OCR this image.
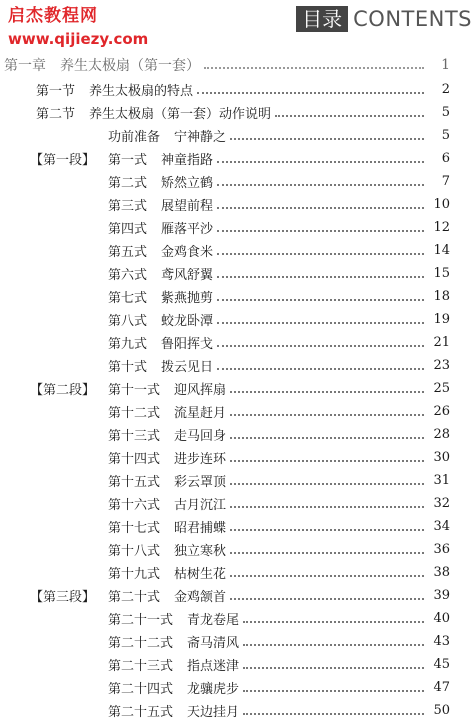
启杰教程网
www.qijiezy.com
目录 CONTENTS
第一章 养生太极扇（第一套）	1
第一节 养生太极扇的特点	2
第二节 养生太极扇（第一套）动作说明	5
功前准备 宁神静之	5
【第一段】 第一式 神童指路	6
第二式 矫然立鹤	7
第三式 展望前程	10
第四式 雁落平沙	12
第五式 金鸡食米	14
第六式 鸢风舒翼	15
第七式 紫燕抛剪	18
第八式 蛟龙卧潭	19
第九式 鲁阳挥戈	21
第十式 拨云见日	23
【第二段】 第十一式 迎风挥扇	25
第十二式 流星赶月	26
第十三式 走马回身	28
第十四式 进步连环	30
第十五式 彩云罩顶	31
第十六式 古月沉江	32
第十七式 昭君捕蝶	34
第十八式 独立寒秋	36
第十九式 枯树生花	38
【第三段】 第二十式 金鸡颔首	39
第二十一式 青龙卷尾	40
第二十二式 斋马清风	43
第二十三式 指点迷津	45
第二十四式 龙骧虎步	47
第二十五式 天边挂月	50
